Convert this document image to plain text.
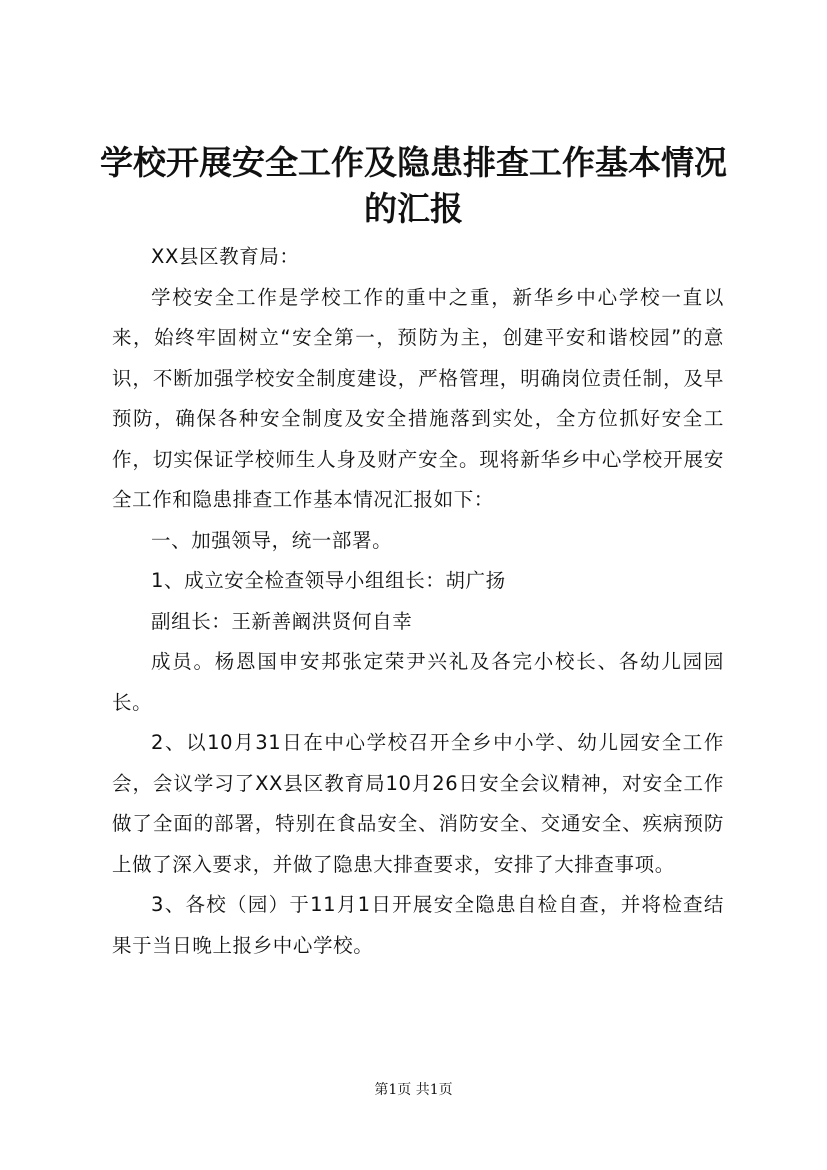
学校开展安全工作及隐患排查工作基本情况的汇报

XX县区教育局：

学校安全工作是学校工作的重中之重，新华乡中心学校一直以来，始终牢固树立“安全第一，预防为主，创建平安和谐校园”的意识，不断加强学校安全制度建设，严格管理，明确岗位责任制，及早预防，确保各种安全制度及安全措施落到实处，全方位抓好安全工作，切实保证学校师生人身及财产安全。现将新华乡中心学校开展安全工作和隐患排查工作基本情况汇报如下：

一、加强领导，统一部署。

1、成立安全检查领导小组组长：胡广扬

副组长：王新善阚洪贤何自幸

成员。杨恩国申安邦张定荣尹兴礼及各完小校长、各幼儿园园长。

2、以10月31日在中心学校召开全乡中小学、幼儿园安全工作会，会议学习了XX县区教育局10月26日安全会议精神，对安全工作做了全面的部署，特别在食品安全、消防安全、交通安全、疾病预防上做了深入要求，并做了隐患大排查要求，安排了大排查事项。

3、各校（园）于11月1日开展安全隐患自检自查，并将检查结果于当日晚上报乡中心学校。

第1页 共1页
